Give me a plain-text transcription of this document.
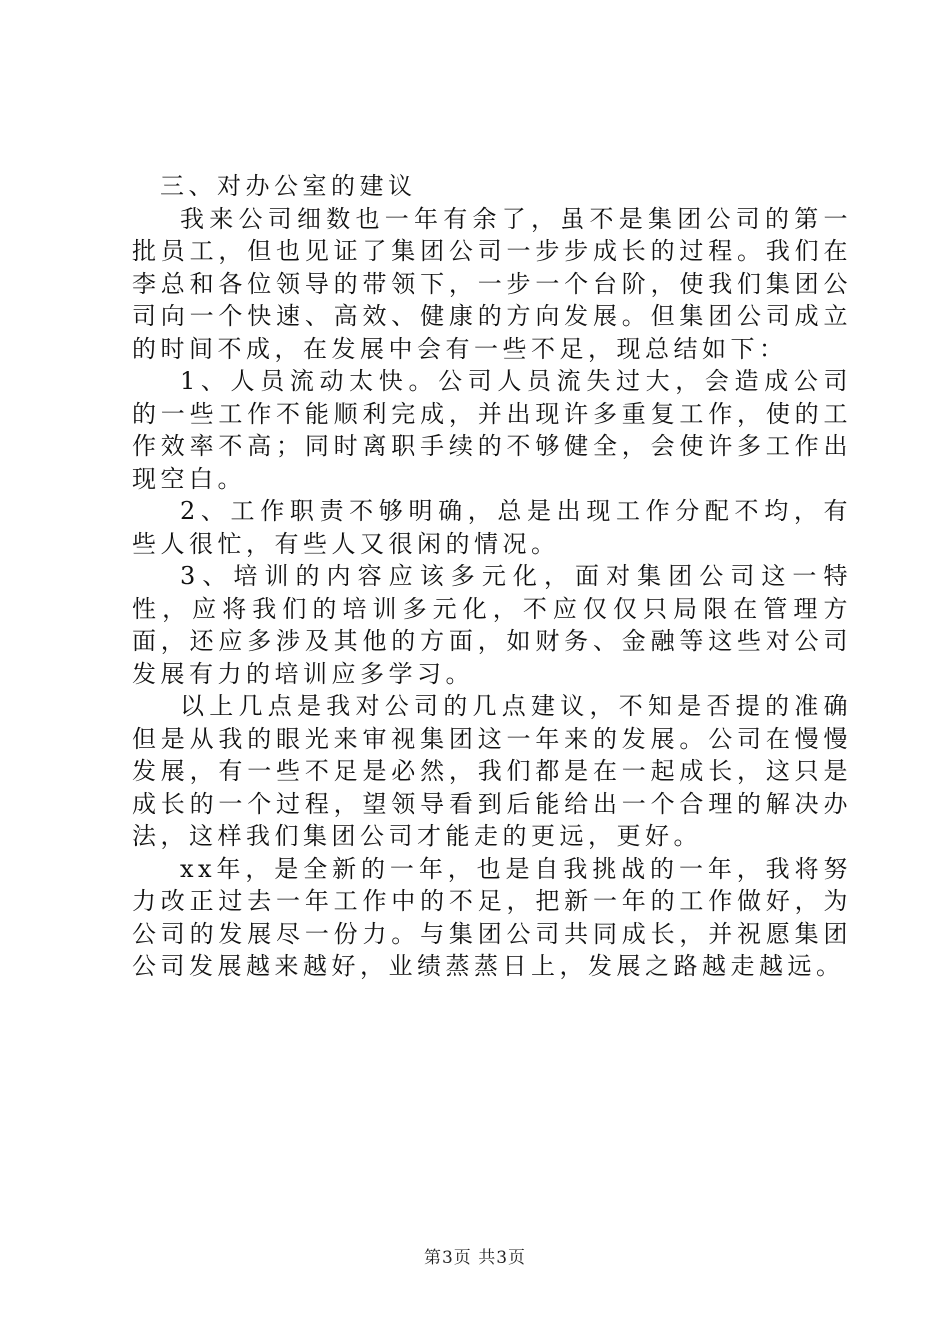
三、对办公室的建议

我来公司细数也一年有余了，虽不是集团公司的第一批员工，但也见证了集团公司一步步成长的过程。我们在李总和各位领导的带领下，一步一个台阶，使我们集团公司向一个快速、高效、健康的方向发展。但集团公司成立的时间不成，在发展中会有一些不足，现总结如下：

1、人员流动太快。公司人员流失过大，会造成公司的一些工作不能顺利完成，并出现许多重复工作，使的工作效率不高；同时离职手续的不够健全，会使许多工作出现空白。

2、工作职责不够明确，总是出现工作分配不均，有些人很忙，有些人又很闲的情况。

3、培训的内容应该多元化，面对集团公司这一特性，应将我们的培训多元化，不应仅仅只局限在管理方面，还应多涉及其他的方面，如财务、金融等这些对公司发展有力的培训应多学习。

以上几点是我对公司的几点建议，不知是否提的准确但是从我的眼光来审视集团这一年来的发展。公司在慢慢发展，有一些不足是必然，我们都是在一起成长，这只是成长的一个过程，望领导看到后能给出一个合理的解决办法，这样我们集团公司才能走的更远，更好。

xx年，是全新的一年，也是自我挑战的一年，我将努力改正过去一年工作中的不足，把新一年的工作做好，为公司的发展尽一份力。与集团公司共同成长，并祝愿集团公司发展越来越好，业绩蒸蒸日上，发展之路越走越远。

第3页 共3页
